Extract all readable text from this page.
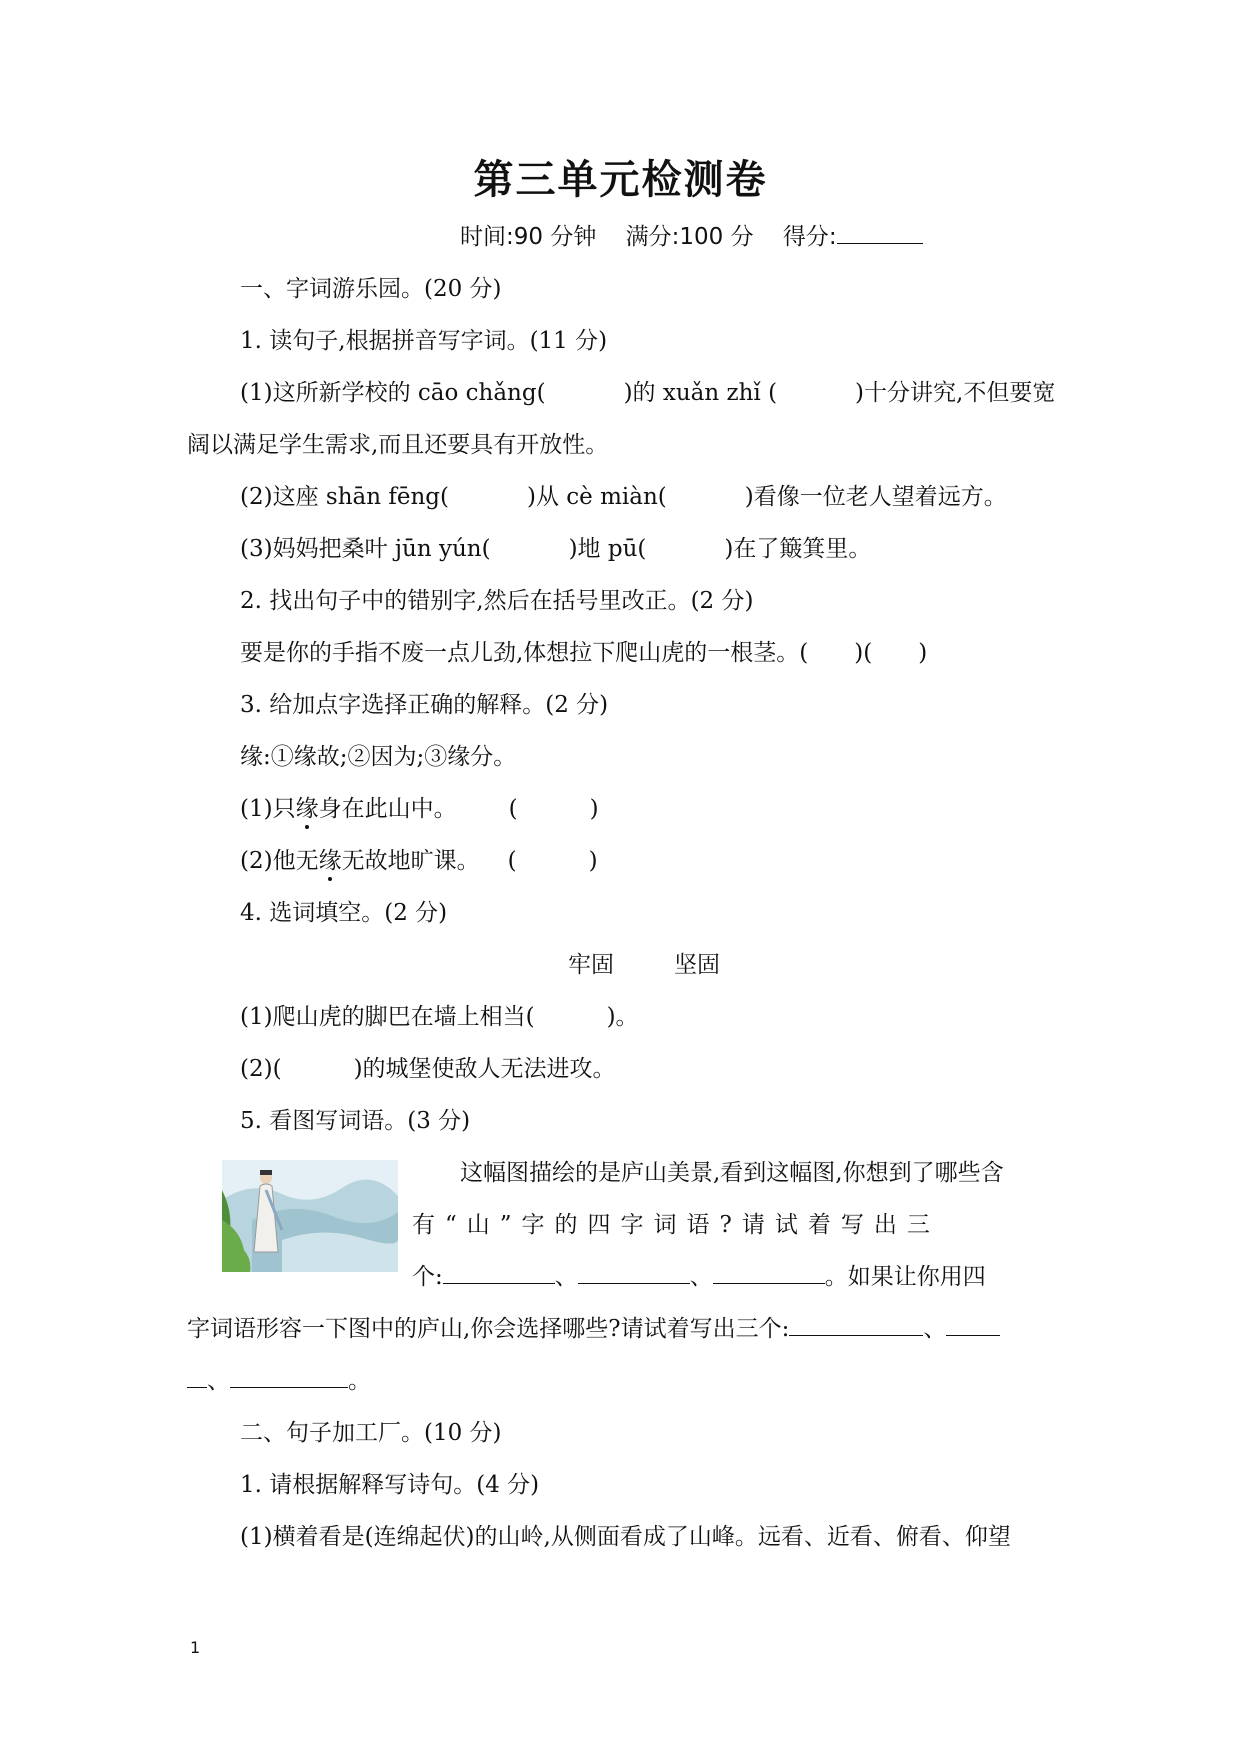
第三单元检测卷
时间:90 分钟 满分:100 分 得分:
一、字词游乐园。(20 分)
1. 读句子,根据拼音写字词。(11 分)
(1)这所新学校的 cāo chǎng(	)的 xuǎn zhǐ (	)十分讲究,不但要宽
阔以满足学生需求,而且还要具有开放性。
(2)这座 shān fēng(	)从 cè miàn(	)看像一位老人望着远方。
(3)妈妈把桑叶 jūn yún(	)地 pū(	)在了簸箕里。
2. 找出句子中的错别字,然后在括号里改正。(2 分)
要是你的手指不废一点儿劲,体想拉下爬山虎的一根茎。( )( )
3. 给加点字选择正确的解释。(2 分)
缘:①缘故;②因为;③缘分。
(1)只缘身在此山中。 (	)
(2)他无缘无故地旷课。 (	)
4. 选词填空。(2 分)
牢固	坚固
(1)爬山虎的脚巴在墙上相当(	)。
(2)(	)的城堡使敌人无法进攻。
5. 看图写词语。(3 分)
这幅图描绘的是庐山美景,看到这幅图,你想到了哪些含
有“山”字的四字词语?请试着写出三
个:	、	、	。如果让你用四
字词语形容一下图中的庐山,你会选择哪些?请试着写出三个:	、
、	。
二、句子加工厂。(10 分)
1. 请根据解释写诗句。(4 分)
(1)横着看是(连绵起伏)的山岭,从侧面看成了山峰。远看、近看、俯看、仰望
1
